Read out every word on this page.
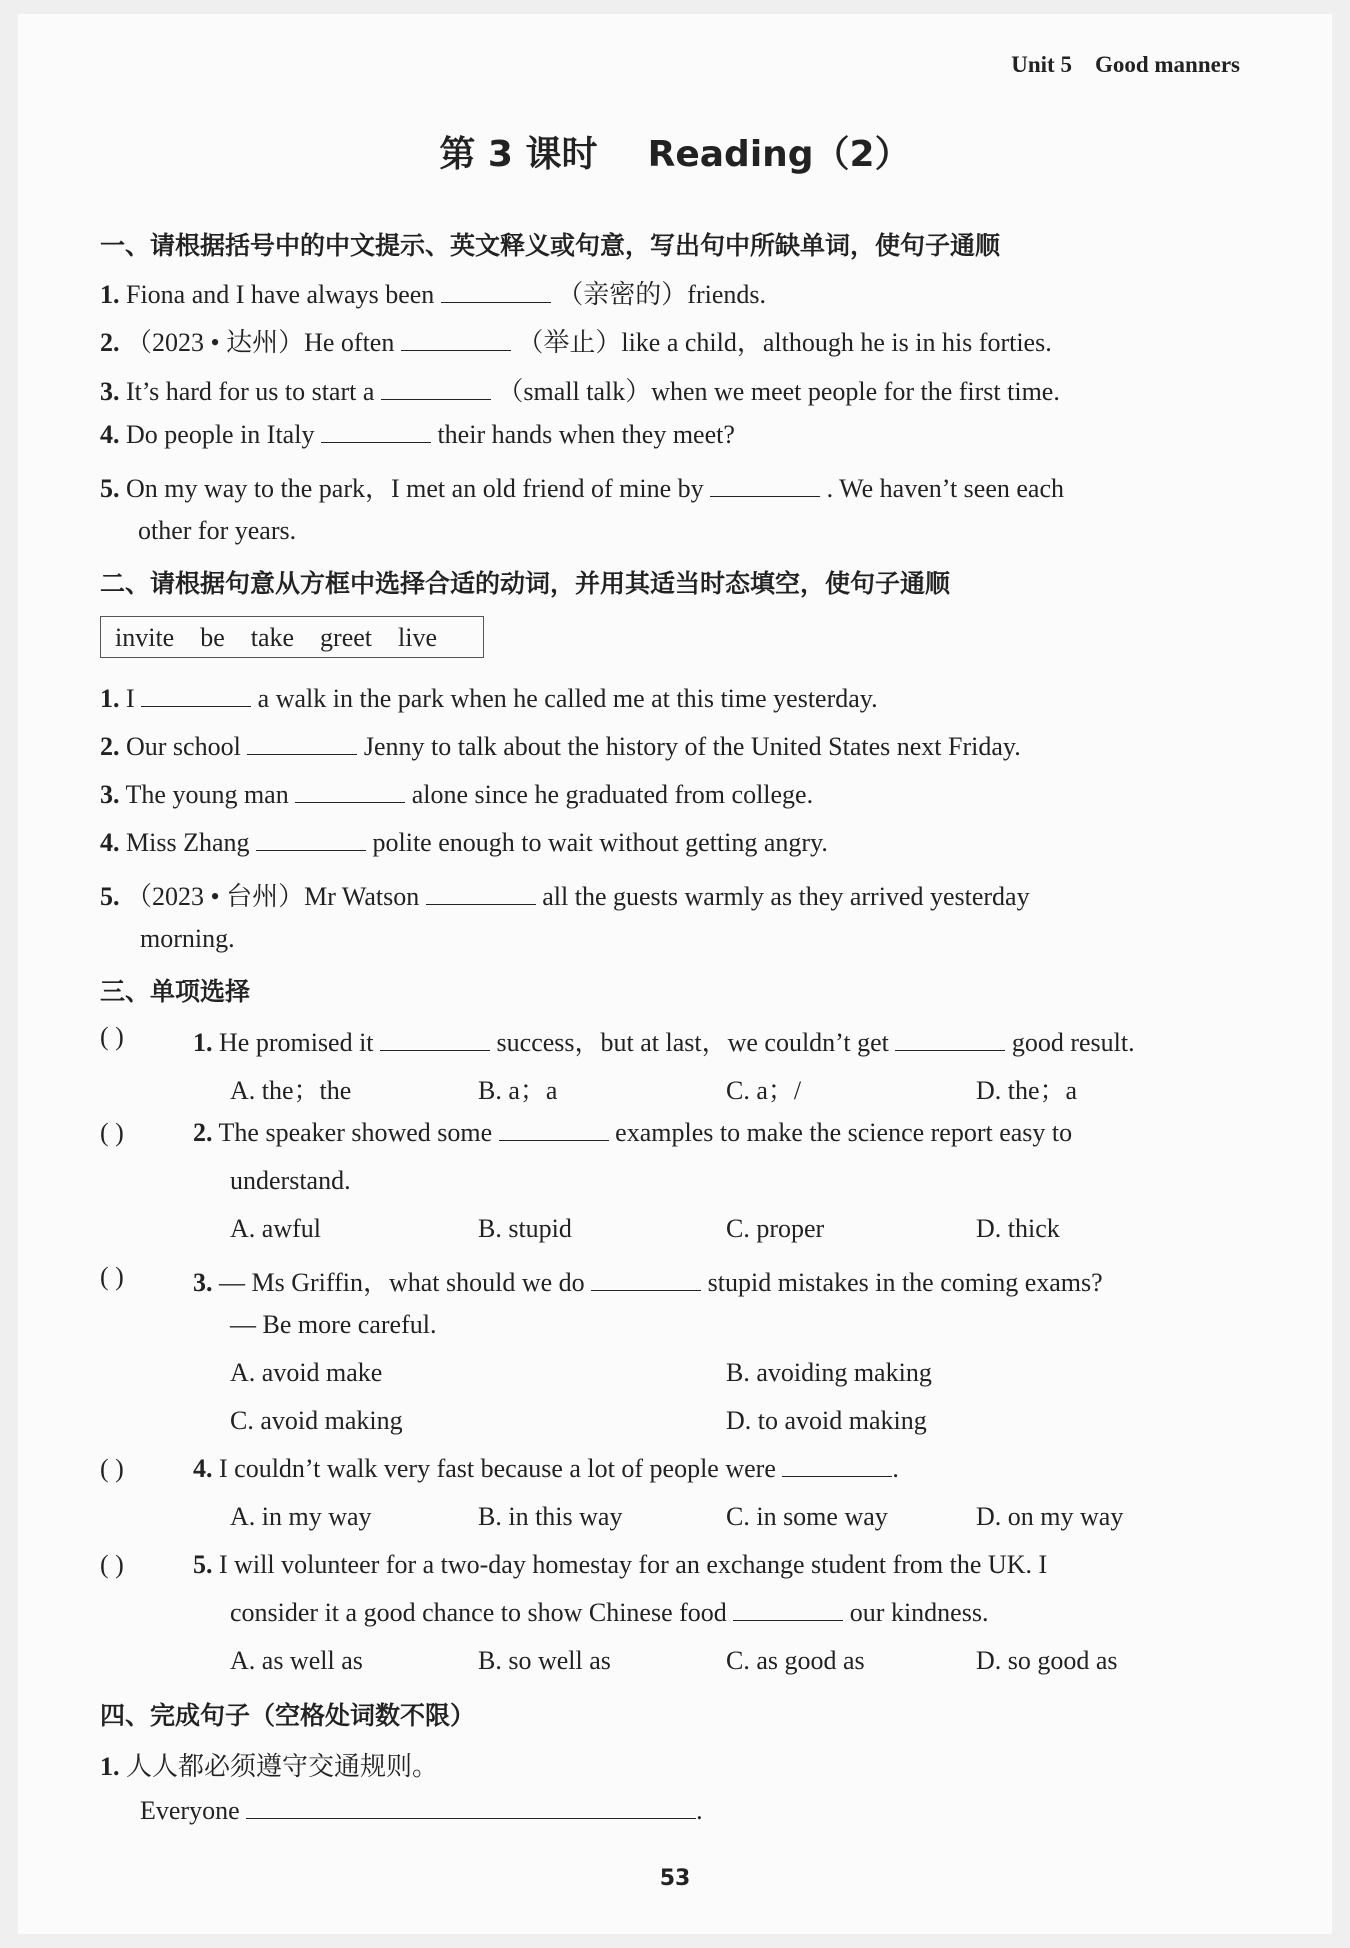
Unit 5    Good manners
第 3 课时    Reading（2）
一、请根据括号中的中文提示、英文释义或句意，写出句中所缺单词，使句子通顺
1. Fiona and I have always been	（亲密的）friends.
2. （2023 • 达州）He often	（举止）like a child，although he is in his forties.
3. It’s hard for us to start a	（small talk）when we meet people for the first time.
4. Do people in Italy	their hands when they meet?
5. On my way to the park，I met an old friend of mine by	. We haven’t seen each
other for years.
二、请根据句意从方框中选择合适的动词，并用其适当时态填空，使句子通顺
invite    be    take    greet    live
1. I	a walk in the park when he called me at this time yesterday.
2. Our school	Jenny to talk about the history of the United States next Friday.
3. The young man	alone since he graduated from college.
4. Miss Zhang	polite enough to wait without getting angry.
5. （2023 • 台州）Mr Watson	all the guests warmly as they arrived yesterday
morning.
三、单项选择
( )	1. He promised it	success，but at last，we couldn’t get	good result.
A. the；the	B. a；a	C. a；/	D. the；a
( )	2. The speaker showed some	examples to make the science report easy to
understand.
A. awful	B. stupid	C. proper	D. thick
( )	3. — Ms Griffin，what should we do	stupid mistakes in the coming exams?
— Be more careful.
A. avoid make	B. avoiding making
C. avoid making	D. to avoid making
( )	4. I couldn’t walk very fast because a lot of people were	.
A. in my way	B. in this way	C. in some way	D. on my way
( )	5. I will volunteer for a two-day homestay for an exchange student from the UK. I
consider it a good chance to show Chinese food	our kindness.
A. as well as	B. so well as	C. as good as	D. so good as
四、完成句子（空格处词数不限）
1. 人人都必须遵守交通规则。
Everyone	.
53
